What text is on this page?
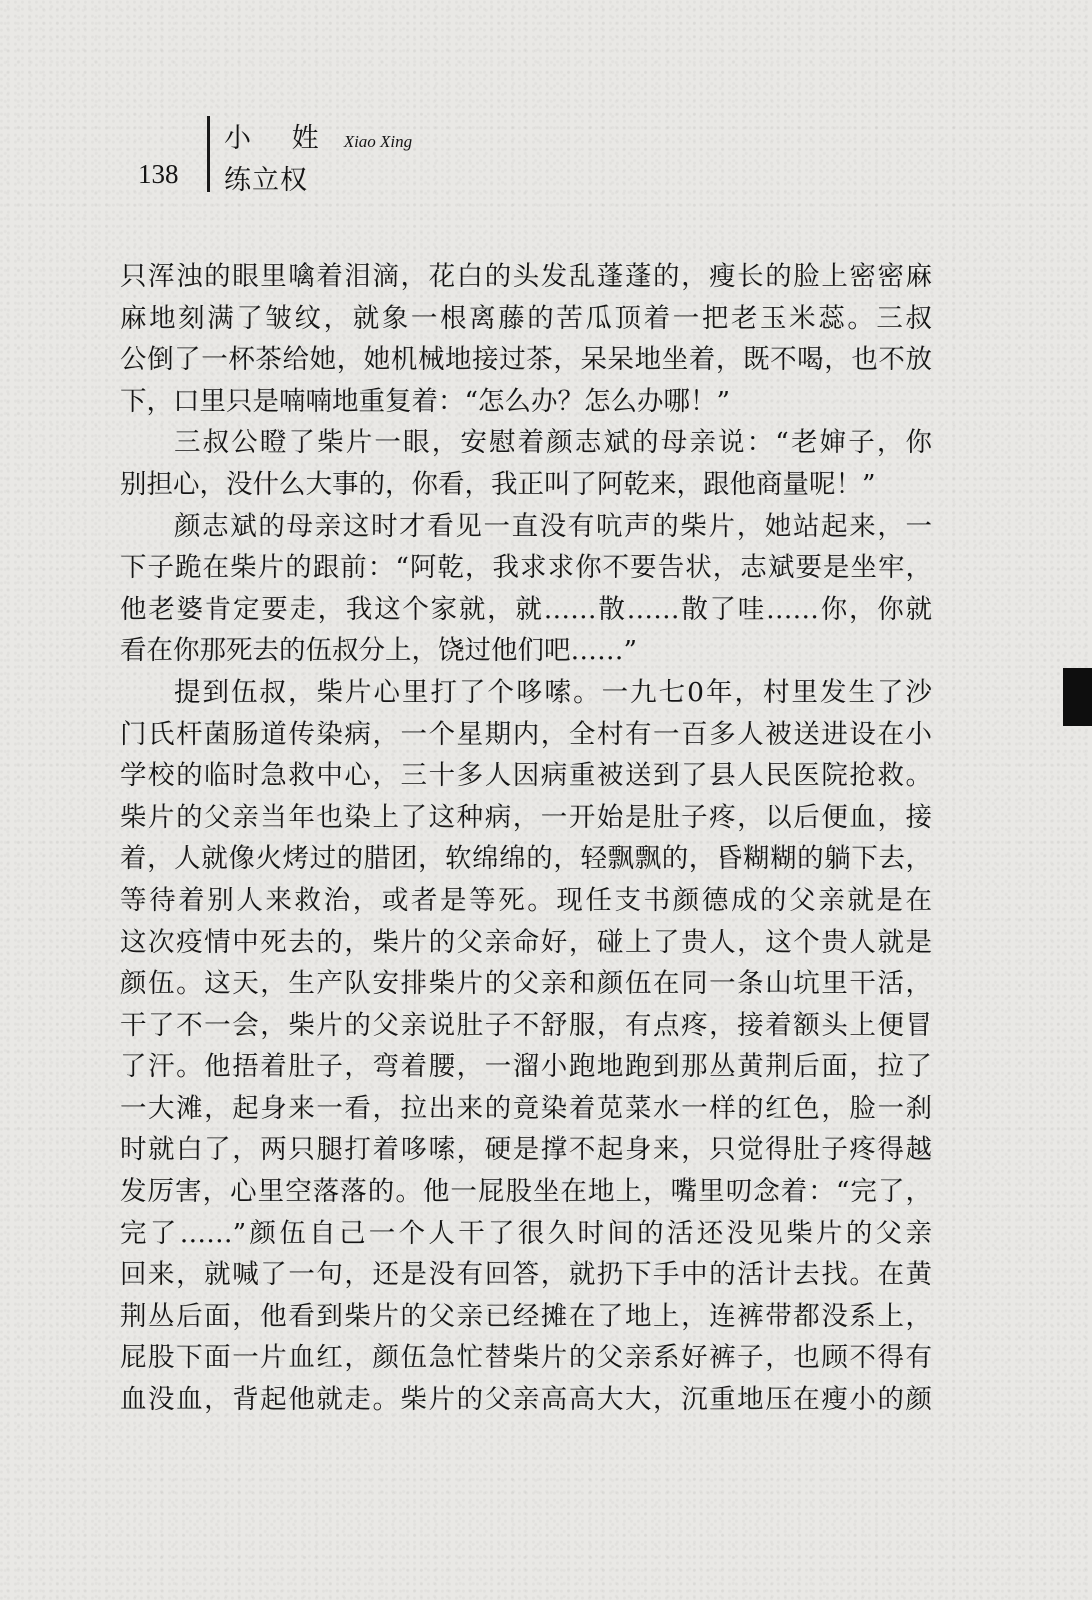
138
小 姓 Xiao Xing
练立权
只浑浊的眼里噙着泪滴，花白的头发乱蓬蓬的，瘦长的脸上密密麻
麻地刻满了皱纹，就象一根离藤的苦瓜顶着一把老玉米蕊。三叔
公倒了一杯茶给她，她机械地接过茶，呆呆地坐着，既不喝，也不放
下，口里只是喃喃地重复着：“怎么办？怎么办哪！”
三叔公瞪了柴片一眼，安慰着颜志斌的母亲说：“老婶子，你
别担心，没什么大事的，你看，我正叫了阿乾来，跟他商量呢！”
颜志斌的母亲这时才看见一直没有吭声的柴片，她站起来，一
下子跪在柴片的跟前：“阿乾，我求求你不要告状，志斌要是坐牢，
他老婆肯定要走，我这个家就，就……散……散了哇……你，你就
看在你那死去的伍叔分上，饶过他们吧……”
提到伍叔，柴片心里打了个哆嗦。一九七0年，村里发生了沙
门氏杆菌肠道传染病，一个星期内，全村有一百多人被送进设在小
学校的临时急救中心，三十多人因病重被送到了县人民医院抢救。
柴片的父亲当年也染上了这种病，一开始是肚子疼，以后便血，接
着，人就像火烤过的腊团，软绵绵的，轻飘飘的，昏糊糊的躺下去，
等待着别人来救治，或者是等死。现任支书颜德成的父亲就是在
这次疫情中死去的，柴片的父亲命好，碰上了贵人，这个贵人就是
颜伍。这天，生产队安排柴片的父亲和颜伍在同一条山坑里干活，
干了不一会，柴片的父亲说肚子不舒服，有点疼，接着额头上便冒
了汗。他捂着肚子，弯着腰，一溜小跑地跑到那丛黄荆后面，拉了
一大滩，起身来一看，拉出来的竟染着苋菜水一样的红色，脸一刹
时就白了，两只腿打着哆嗦，硬是撑不起身来，只觉得肚子疼得越
发厉害，心里空落落的。他一屁股坐在地上，嘴里叨念着：“完了，
完了……”颜伍自己一个人干了很久时间的活还没见柴片的父亲
回来，就喊了一句，还是没有回答，就扔下手中的活计去找。在黄
荆丛后面，他看到柴片的父亲已经摊在了地上，连裤带都没系上，
屁股下面一片血红，颜伍急忙替柴片的父亲系好裤子，也顾不得有
血没血，背起他就走。柴片的父亲高高大大，沉重地压在瘦小的颜
